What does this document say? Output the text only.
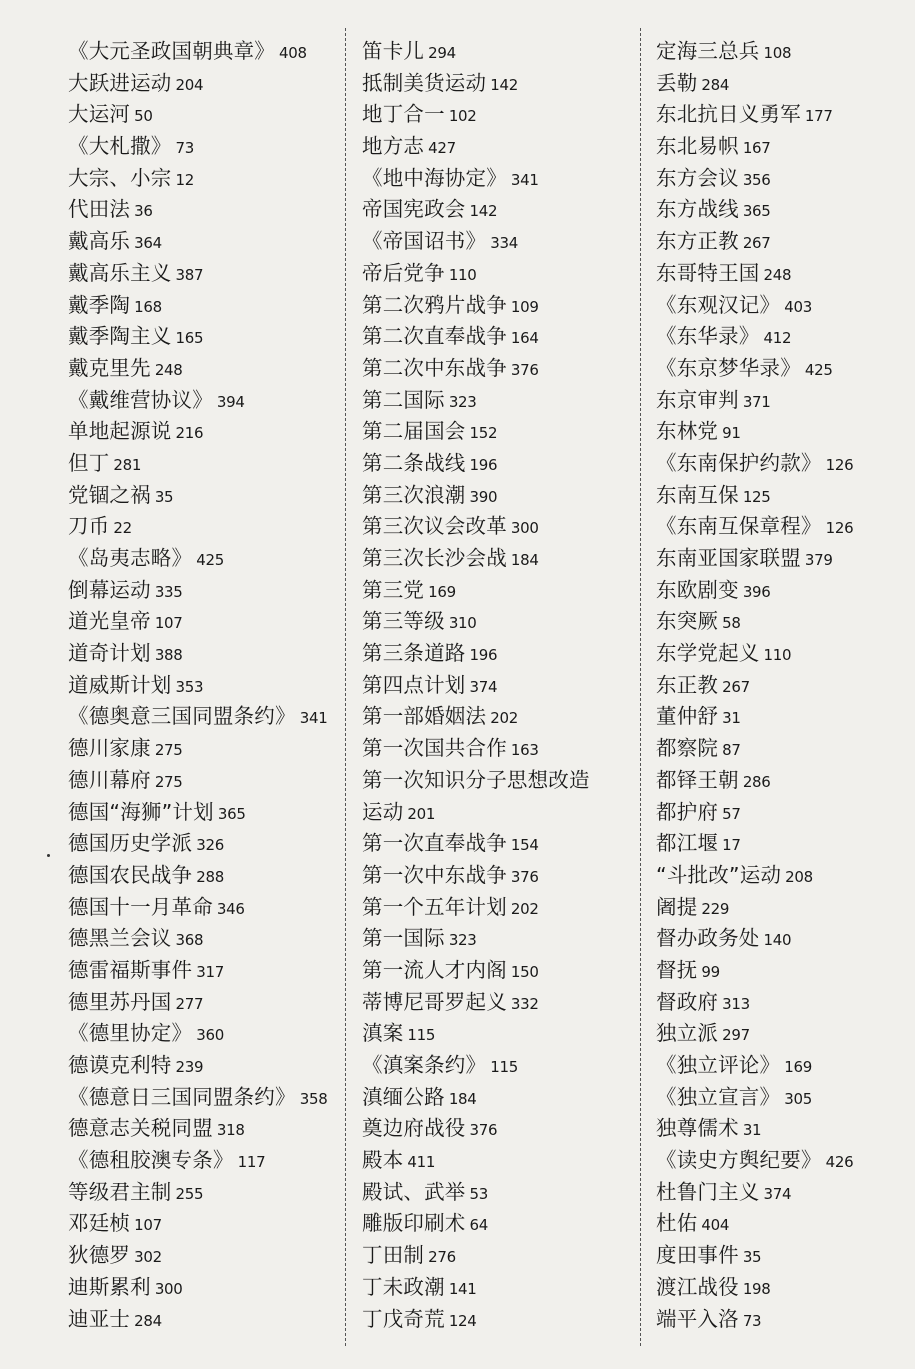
《大元圣政国朝典章》 408
大跃进运动 204
大运河 50
《大札撒》 73
大宗、小宗 12
代田法 36
戴高乐 364
戴高乐主义 387
戴季陶 168
戴季陶主义 165
戴克里先 248
《戴维营协议》 394
单地起源说 216
但丁 281
党锢之祸 35
刀币 22
《岛夷志略》 425
倒幕运动 335
道光皇帝 107
道奇计划 388
道威斯计划 353
《德奥意三国同盟条约》 341
德川家康 275
德川幕府 275
德国“海狮”计划 365
德国历史学派 326
德国农民战争 288
德国十一月革命 346
德黑兰会议 368
德雷福斯事件 317
德里苏丹国 277
《德里协定》 360
德谟克利特 239
《德意日三国同盟条约》 358
德意志关税同盟 318
《德租胶澳专条》 117
等级君主制 255
邓廷桢 107
狄德罗 302
迪斯累利 300
迪亚士 284
笛卡儿 294
抵制美货运动 142
地丁合一 102
地方志 427
《地中海协定》 341
帝国宪政会 142
《帝国诏书》 334
帝后党争 110
第二次鸦片战争 109
第二次直奉战争 164
第二次中东战争 376
第二国际 323
第二届国会 152
第二条战线 196
第三次浪潮 390
第三次议会改革 300
第三次长沙会战 184
第三党 169
第三等级 310
第三条道路 196
第四点计划 374
第一部婚姻法 202
第一次国共合作 163
第一次知识分子思想改造
运动 201
第一次直奉战争 154
第一次中东战争 376
第一个五年计划 202
第一国际 323
第一流人才内阁 150
蒂博尼哥罗起义 332
滇案 115
《滇案条约》 115
滇缅公路 184
奠边府战役 376
殿本 411
殿试、武举 53
雕版印刷术 64
丁田制 276
丁未政潮 141
丁戊奇荒 124
定海三总兵 108
丢勒 284
东北抗日义勇军 177
东北易帜 167
东方会议 356
东方战线 365
东方正教 267
东哥特王国 248
《东观汉记》 403
《东华录》 412
《东京梦华录》 425
东京审判 371
东林党 91
《东南保护约款》 126
东南互保 125
《东南互保章程》 126
东南亚国家联盟 379
东欧剧变 396
东突厥 58
东学党起义 110
东正教 267
董仲舒 31
都察院 87
都铎王朝 286
都护府 57
都江堰 17
“斗批改”运动 208
阇提 229
督办政务处 140
督抚 99
督政府 313
独立派 297
《独立评论》 169
《独立宣言》 305
独尊儒术 31
《读史方舆纪要》 426
杜鲁门主义 374
杜佑 404
度田事件 35
渡江战役 198
端平入洛 73
